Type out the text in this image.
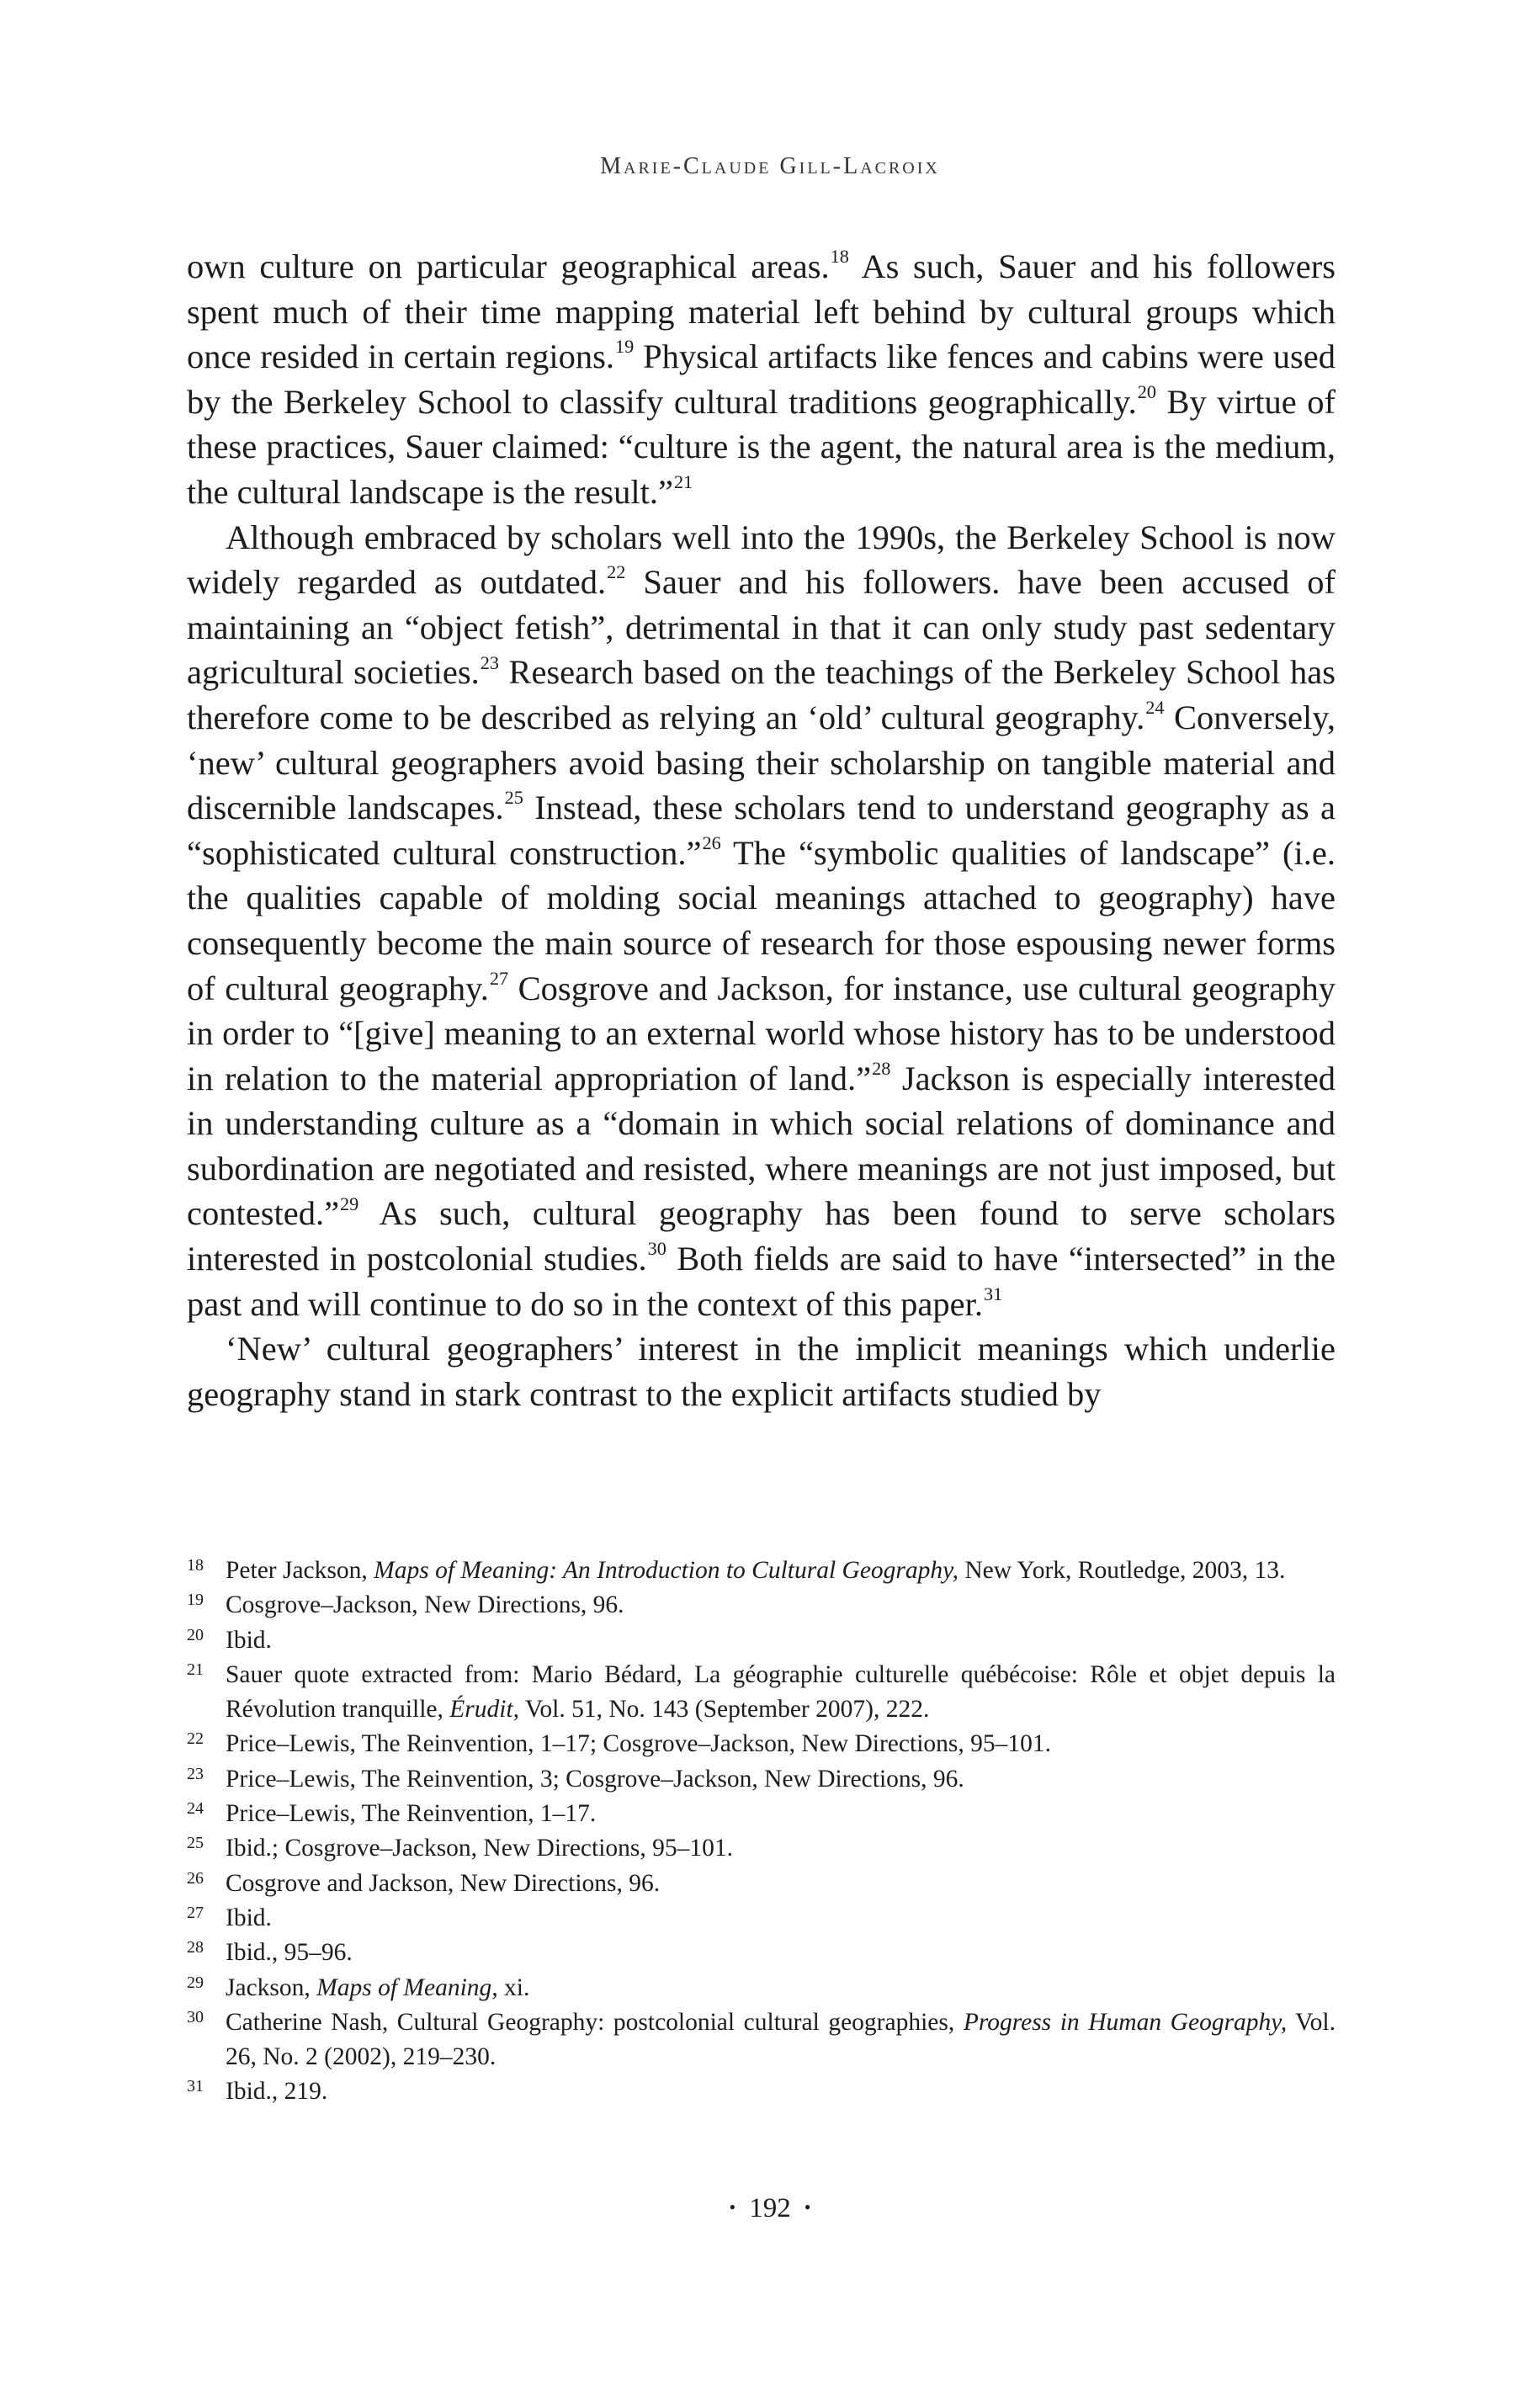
Marie-Claude Gill-Lacroix

own culture on particular geographical areas.$^{18}$ As such, Sauer and his followers spent much of their time mapping material left behind by cultural groups which once resided in certain regions.$^{19}$ Physical artifacts like fences and cabins were used by the Berkeley School to classify cultural traditions geographically.$^{20}$ By virtue of these practices, Sauer claimed: “culture is the agent, the natural area is the medium, the cultural landscape is the result.”$^{21}$

Although embraced by scholars well into the 1990s, the Berkeley School is now widely regarded as outdated.$^{22}$ Sauer and his followers. have been accused of maintaining an “object fetish”, detrimental in that it can only study past sedentary agricultural societies.$^{23}$ Research based on the teachings of the Berkeley School has therefore come to be described as relying an ‘old’ cultural geography.$^{24}$ Conversely, ‘new’ cultural geographers avoid basing their scholarship on tangible material and discernible landscapes.$^{25}$ Instead, these scholars tend to understand geography as a “sophisticated cultural construction.”$^{26}$ The “symbolic qualities of landscape” (i.e. the qualities capable of molding social meanings attached to geography) have consequently become the main source of research for those espousing newer forms of cultural geography.$^{27}$ Cosgrove and Jackson, for instance, use cultural geography in order to “[give] meaning to an external world whose history has to be understood in relation to the material appropriation of land.”$^{28}$ Jackson is especially interested in understanding culture as a “domain in which social relations of dominance and subordination are negotiated and resisted, where meanings are not just imposed, but contested.”$^{29}$ As such, cultural geography has been found to serve scholars interested in postcolonial studies.$^{30}$ Both fields are said to have “intersected” in the past and will continue to do so in the context of this paper.$^{31}$

‘New’ cultural geographers’ interest in the implicit meanings which underlie geography stand in stark contrast to the explicit artifacts studied by

18 Peter Jackson, Maps of Meaning: An Introduction to Cultural Geography, New York, Routledge, 2003, 13.
19 Cosgrove–Jackson, New Directions, 96.
20 Ibid.
21 Sauer quote extracted from: Mario Bédard, La géographie culturelle québécoise: Rôle et objet depuis la Révolution tranquille, Érudit, Vol. 51, No. 143 (September 2007), 222.
22 Price–Lewis, The Reinvention, 1–17; Cosgrove–Jackson, New Directions, 95–101.
23 Price–Lewis, The Reinvention, 3; Cosgrove–Jackson, New Directions, 96.
24 Price–Lewis, The Reinvention, 1–17.
25 Ibid.; Cosgrove–Jackson, New Directions, 95–101.
26 Cosgrove and Jackson, New Directions, 96.
27 Ibid.
28 Ibid., 95–96.
29 Jackson, Maps of Meaning, xi.
30 Catherine Nash, Cultural Geography: postcolonial cultural geographies, Progress in Human Geography, Vol. 26, No. 2 (2002), 219–230.
31 Ibid., 219.
• 192 •
